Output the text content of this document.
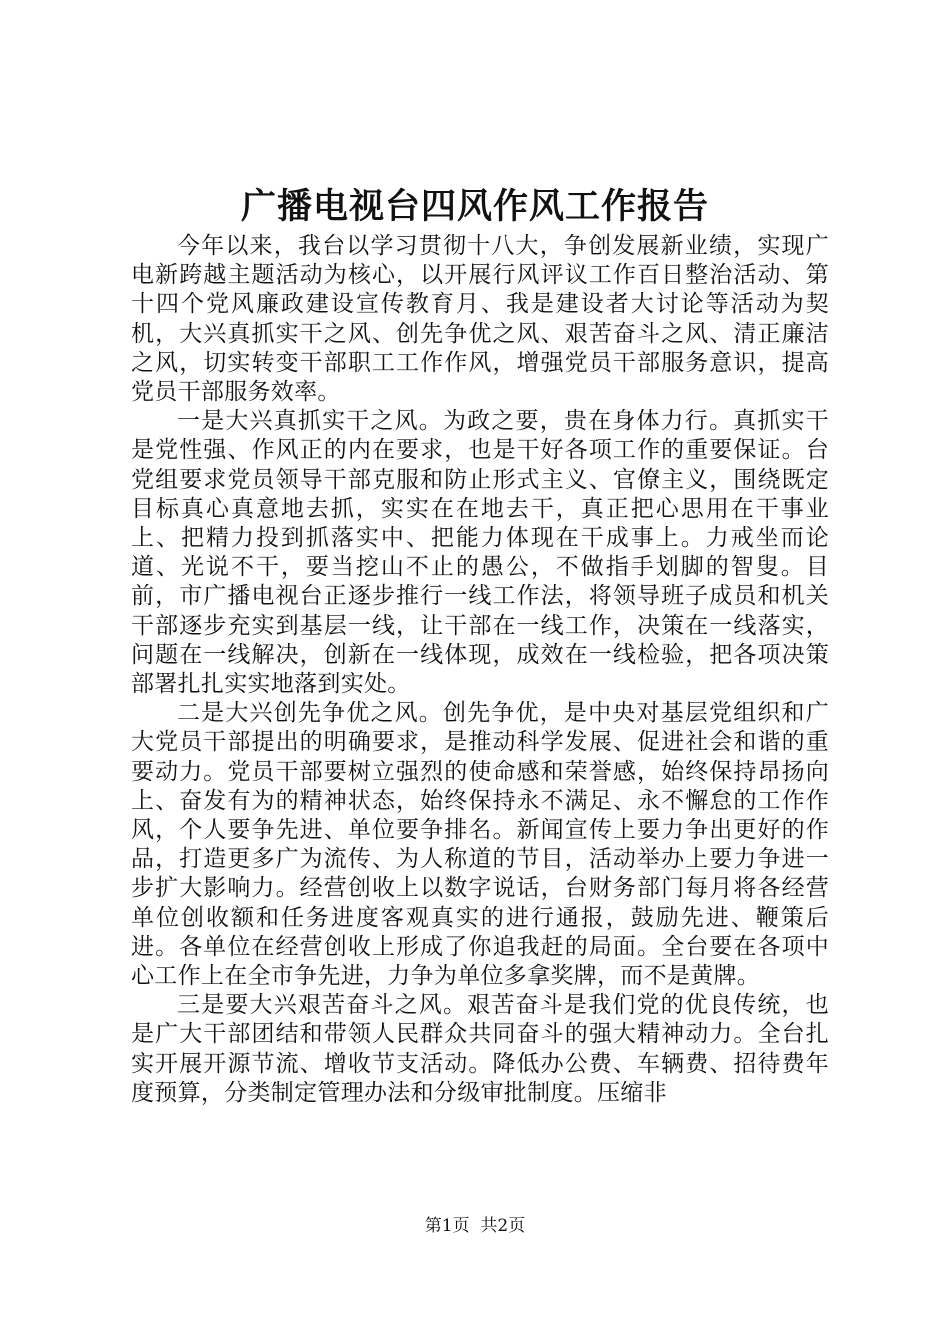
广播电视台四风作风工作报告

今年以来，我台以学习贯彻十八大，争创发展新业绩，实现广电新跨越主题活动为核心，以开展行风评议工作百日整治活动、第十四个党风廉政建设宣传教育月、我是建设者大讨论等活动为契机，大兴真抓实干之风、创先争优之风、艰苦奋斗之风、清正廉洁之风，切实转变干部职工工作作风，增强党员干部服务意识，提高党员干部服务效率。

一是大兴真抓实干之风。为政之要，贵在身体力行。真抓实干是党性强、作风正的内在要求，也是干好各项工作的重要保证。台党组要求党员领导干部克服和防止形式主义、官僚主义，围绕既定目标真心真意地去抓，实实在在地去干，真正把心思用在干事业上、把精力投到抓落实中、把能力体现在干成事上。力戒坐而论道、光说不干，要当挖山不止的愚公，不做指手划脚的智叟。目前，市广播电视台正逐步推行一线工作法，将领导班子成员和机关干部逐步充实到基层一线，让干部在一线工作，决策在一线落实，问题在一线解决，创新在一线体现，成效在一线检验，把各项决策部署扎扎实实地落到实处。

二是大兴创先争优之风。创先争优，是中央对基层党组织和广大党员干部提出的明确要求，是推动科学发展、促进社会和谐的重要动力。党员干部要树立强烈的使命感和荣誉感，始终保持昂扬向上、奋发有为的精神状态，始终保持永不满足、永不懈怠的工作作风，个人要争先进、单位要争排名。新闻宣传上要力争出更好的作品，打造更多广为流传、为人称道的节目，活动举办上要力争进一步扩大影响力。经营创收上以数字说话，台财务部门每月将各经营单位创收额和任务进度客观真实的进行通报，鼓励先进、鞭策后进。各单位在经营创收上形成了你追我赶的局面。全台要在各项中心工作上在全市争先进，力争为单位多拿奖牌，而不是黄牌。

三是要大兴艰苦奋斗之风。艰苦奋斗是我们党的优良传统，也是广大干部团结和带领人民群众共同奋斗的强大精神动力。全台扎实开展开源节流、增收节支活动。降低办公费、车辆费、招待费年度预算，分类制定管理办法和分级审批制度。压缩非

第1页 共2页
